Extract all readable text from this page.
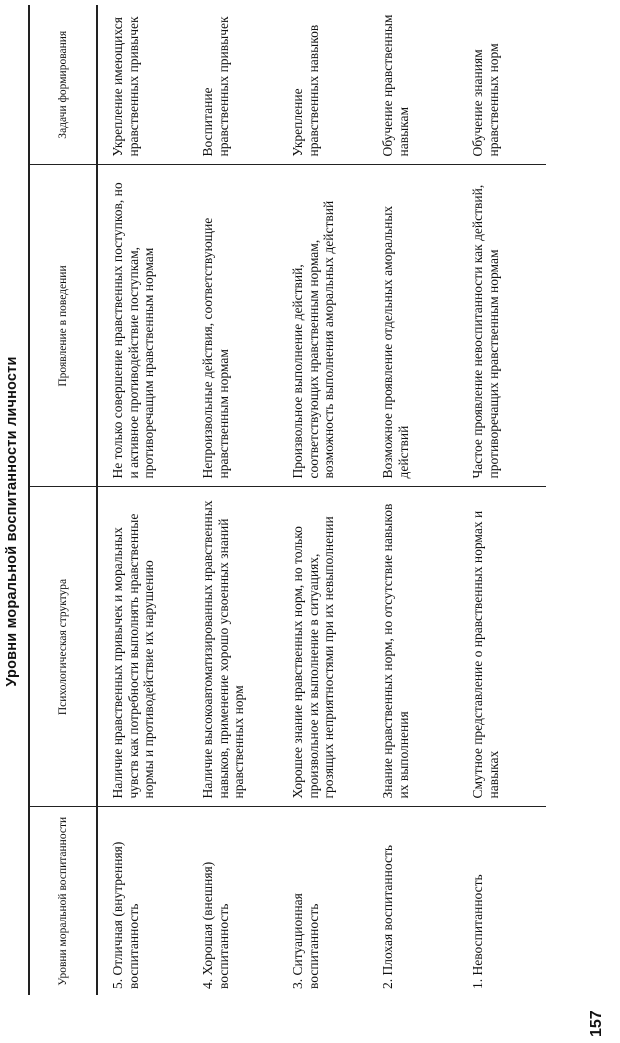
Уровни моральной воспитанности личности
Уровни моральной воспитанности	Психологическая структура	Проявление в поведении	Задачи формирования
5. Отличная (внутренняя) воспитанность	Наличие нравственных привычек и моральных чувств как потребности выполнять нравственные нормы и противодействие их нарушению	Не только совершение нравственных поступков, но и активное противодействие поступкам, противоречащим нравственным нормам	Укрепление имеющихся нравственных привычек
4. Хорошая (внешняя) воспитанность	Наличие высокоавтоматизированных нравственных навыков, применение хорошо усвоенных знаний нравственных норм	Непроизвольные действия, соответствующие нравственным нормам	Воспитание нравственных привычек
3. Ситуационная воспитанность	Хорошее знание нравственных норм, но только произвольное их выполнение в ситуациях, грозящих неприятностями при их невыполнении	Произвольное выполнение действий, соответствующих нравственным нормам, возможность выполнения аморальных действий	Укрепление нравственных навыков
2. Плохая воспитанность	Знание нравственных норм, но отсутствие навыков их выполнения	Возможное проявление отдельных аморальных действий	Обучение нравственным навыкам
1. Невоспитанность	Смутное представление о нравственных нормах и навыках	Частое проявление невоспитанности как действий, противоречащих нравственным нормам	Обучение знаниям нравственных норм
157
